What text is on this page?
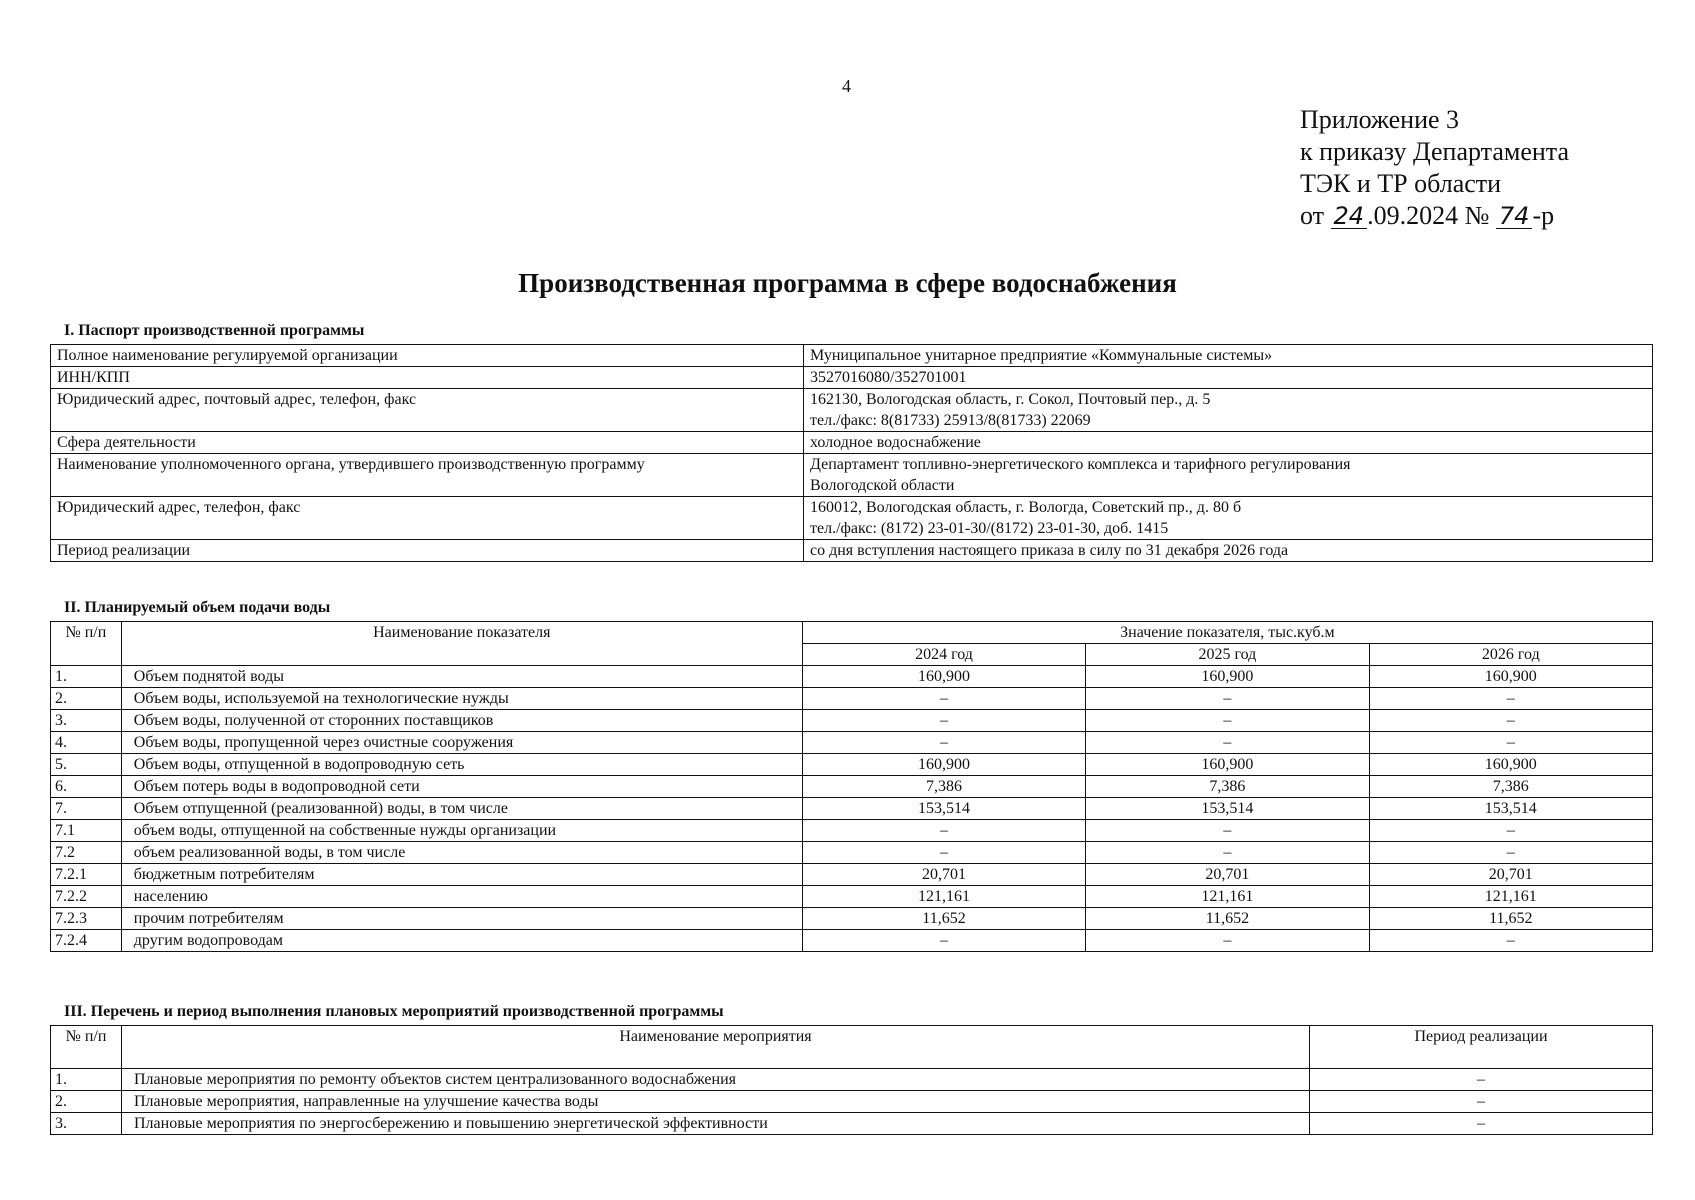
4
Приложение 3
к приказу Департамента
ТЭК и ТР области
от 24 .09.2024 № 74 -р
Производственная программа в сфере водоснабжения
I. Паспорт производственной программы
Полное наименование регулируемой организации	Муниципальное унитарное предприятие «Коммунальные системы»
ИНН/КПП	3527016080/352701001
Юридический адрес, почтовый адрес, телефон, факс	162130, Вологодская область, г. Сокол, Почтовый пер., д. 5
тел./факс: 8(81733) 25913/8(81733) 22069

Сфера деятельности	холодное водоснабжение
Наименование уполномоченного органа, утвердившего производственную программу	Департамент топливно-энергетического комплекса и тарифного регулирования
Вологодской области

Юридический адрес, телефон, факс	160012, Вологодская область, г. Вологда, Советский пр., д. 80 б
тел./факс: (8172) 23-01-30/(8172) 23-01-30, доб. 1415

Период реализации	со дня вступления настоящего приказа в силу по 31 декабря 2026 года
II. Планируемый объем подачи воды
№ п/п	Наименование показателя	Значение показателя, тыс.куб.м		
		2024 год	2025 год	2026 год
1.	Объем поднятой воды	160,900	160,900	160,900
2.	Объем воды, используемой на технологические нужды	–	–	–
3.	Объем воды, полученной от сторонних поставщиков	–	–	–
4.	Объем воды, пропущенной через очистные сооружения	–	–	–
5.	Объем воды, отпущенной в водопроводную сеть	160,900	160,900	160,900
6.	Объем потерь воды в водопроводной сети	7,386	7,386	7,386
7.	Объем отпущенной (реализованной) воды, в том числе	153,514	153,514	153,514
7.1	объем воды, отпущенной на собственные нужды организации	–	–	–
7.2	объем реализованной воды, в том числе	–	–	–
7.2.1	бюджетным потребителям	20,701	20,701	20,701
7.2.2	населению	121,161	121,161	121,161
7.2.3	прочим потребителям	11,652	11,652	11,652
7.2.4	другим водопроводам	–	–	–
III. Перечень и период выполнения плановых мероприятий производственной программы
№ п/п	Наименование мероприятия	Период реализации
1.	Плановые мероприятия по ремонту объектов систем централизованного водоснабжения	–
2.	Плановые мероприятия, направленные на улучшение качества воды	–
3.	Плановые мероприятия по энергосбережению и повышению энергетической эффективности	–
